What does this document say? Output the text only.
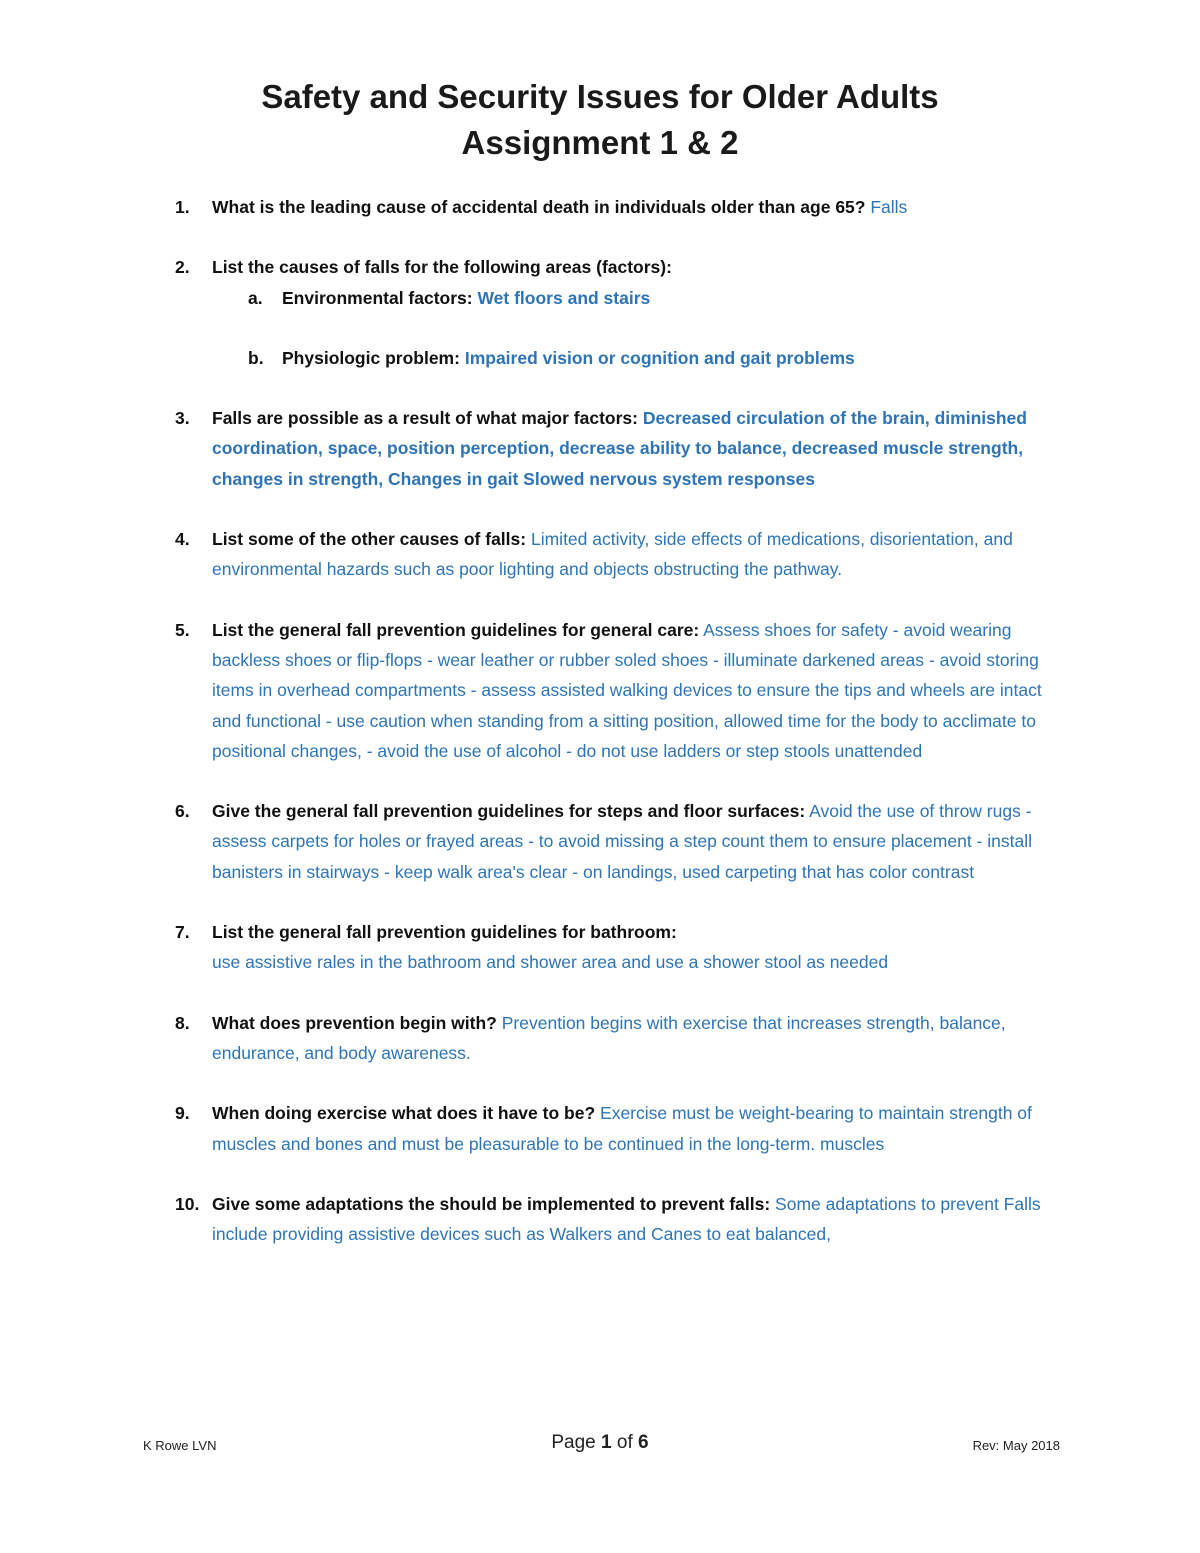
Safety and Security Issues for Older Adults
Assignment 1 & 2
1. What is the leading cause of accidental death in individuals older than age 65? Falls
2. List the causes of falls for the following areas (factors):
a. Environmental factors: Wet floors and stairs
b. Physiologic problem: Impaired vision or cognition and gait problems
3. Falls are possible as a result of what major factors: Decreased circulation of the brain, diminished coordination, space, position perception, decrease ability to balance, decreased muscle strength, changes in strength, Changes in gait Slowed nervous system responses
4. List some of the other causes of falls: Limited activity, side effects of medications, disorientation, and environmental hazards such as poor lighting and objects obstructing the pathway.
5. List the general fall prevention guidelines for general care: Assess shoes for safety - avoid wearing backless shoes or flip-flops - wear leather or rubber soled shoes - illuminate darkened areas - avoid storing items in overhead compartments - assess assisted walking devices to ensure the tips and wheels are intact and functional - use caution when standing from a sitting position, allowed time for the body to acclimate to positional changes, - avoid the use of alcohol - do not use ladders or step stools unattended
6. Give the general fall prevention guidelines for steps and floor surfaces: Avoid the use of throw rugs - assess carpets for holes or frayed areas - to avoid missing a step count them to ensure placement - install banisters in stairways - keep walk area's clear - on landings, used carpeting that has color contrast
7. List the general fall prevention guidelines for bathroom:
use assistive rales in the bathroom and shower area and use a shower stool as needed
8. What does prevention begin with? Prevention begins with exercise that increases strength, balance, endurance, and body awareness.
9. When doing exercise what does it have to be? Exercise must be weight-bearing to maintain strength of muscles and bones and must be pleasurable to be continued in the long-term. muscles
10. Give some adaptations the should be implemented to prevent falls: Some adaptations to prevent Falls include providing assistive devices such as Walkers and Canes to eat balanced,
K Rowe LVN	Page 1 of 6	Rev: May 2018
